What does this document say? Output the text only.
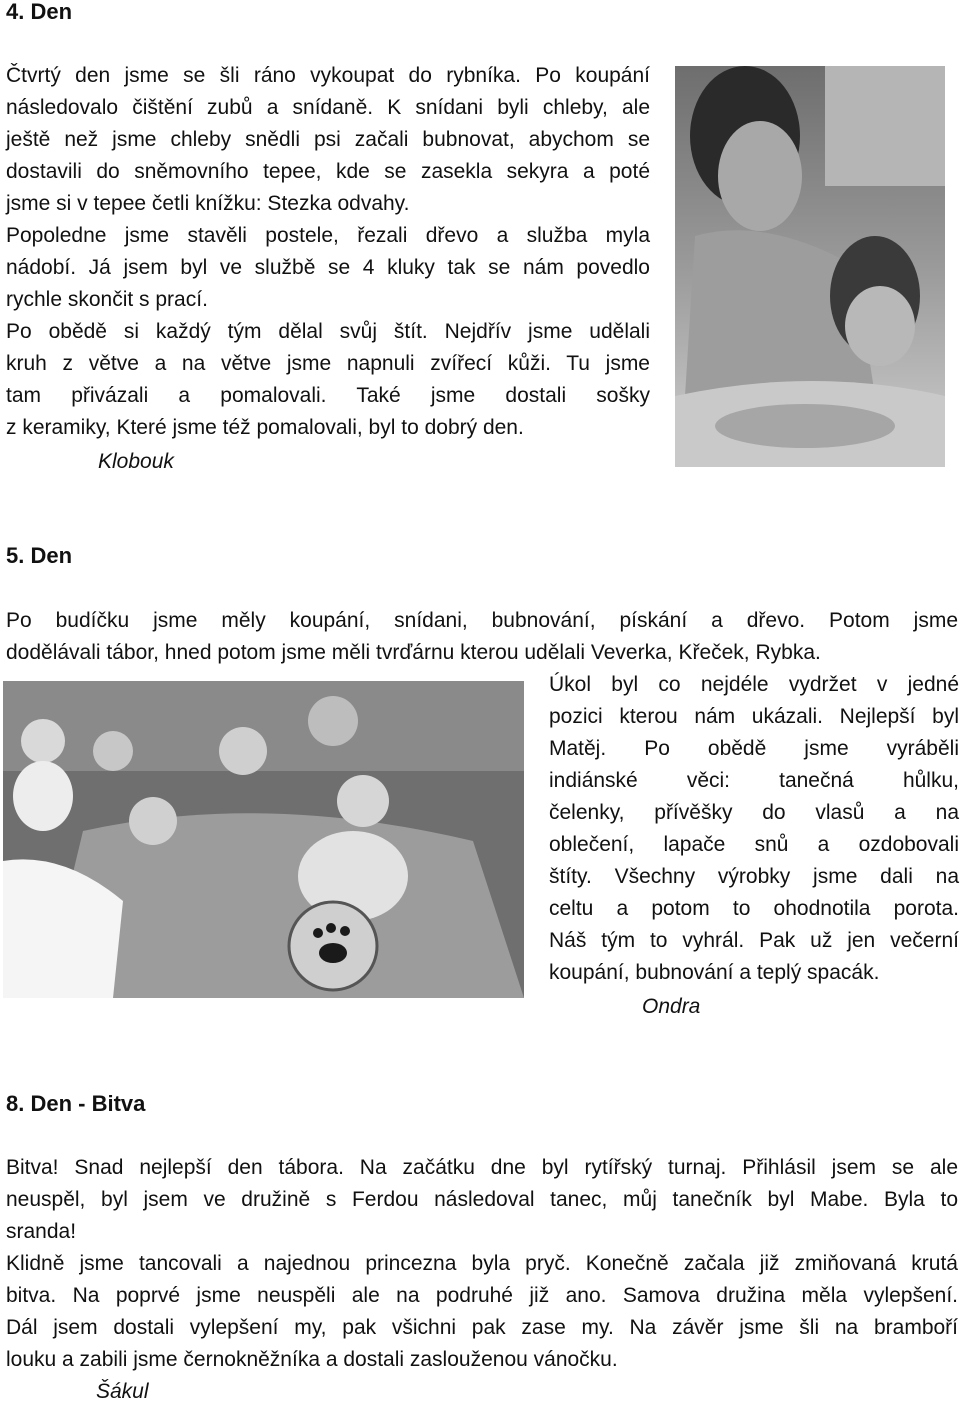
4. Den
Čtvrtý den jsme se šli ráno vykoupat do rybníka. Po koupání
následovalo čištění zubů a snídaně. K snídani byli chleby, ale
ještě než jsme chleby snědli psi začali bubnovat, abychom se
dostavili do sněmovního tepee, kde se zasekla sekyra a poté
jsme si v tepee četli knížku: Stezka odvahy.
Popoledne jsme stavěli postele, řezali dřevo a služba myla
nádobí. Já jsem byl ve službě se 4 kluky tak se nám povedlo
rychle skončit s prací.
Po obědě si každý tým dělal svůj štít. Nejdřív jsme udělali
kruh z větve a na větve jsme napnuli zvířecí kůži. Tu jsme
tam přivázali a pomalovali. Také jsme dostali sošky
z keramiky, Které jsme též pomalovali, byl to dobrý den.
Klobouk
5. Den
Po budíčku jsme měly koupání, snídani, bubnování, pískání a dřevo. Potom jsme
dodělávali tábor, hned potom jsme měli tvrďárnu kterou udělali Veverka, Křeček, Rybka.
Úkol byl co nejdéle vydržet v jedné
pozici kterou nám ukázali. Nejlepší byl
Matěj. Po obědě jsme vyráběli
indiánské věci: tanečná hůlku,
čelenky, přívěšky do vlasů a na
oblečení, lapače snů a ozdobovali
štíty. Všechny výrobky jsme dali na
celtu a potom to ohodnotila porota.
Náš tým to vyhrál. Pak už jen večerní
koupání, bubnování a teplý spacák.
Ondra
8. Den - Bitva
Bitva! Snad nejlepší den tábora. Na začátku dne byl rytířský turnaj. Přihlásil jsem se ale
neuspěl, byl jsem ve družině s Ferdou následoval tanec, můj tanečník byl Mabe. Byla to
sranda!
Klidně jsme tancovali a najednou princezna byla pryč. Konečně začala již zmiňovaná krutá
bitva. Na poprvé jsme neuspěli ale na podruhé již ano. Samova družina měla vylepšení.
Dál jsem dostali vylepšení my, pak všichni pak zase my. Na závěr jsme šli na bramboří
louku a zabili jsme černokněžníka a dostali zaslouženou vánočku.
Šákul
